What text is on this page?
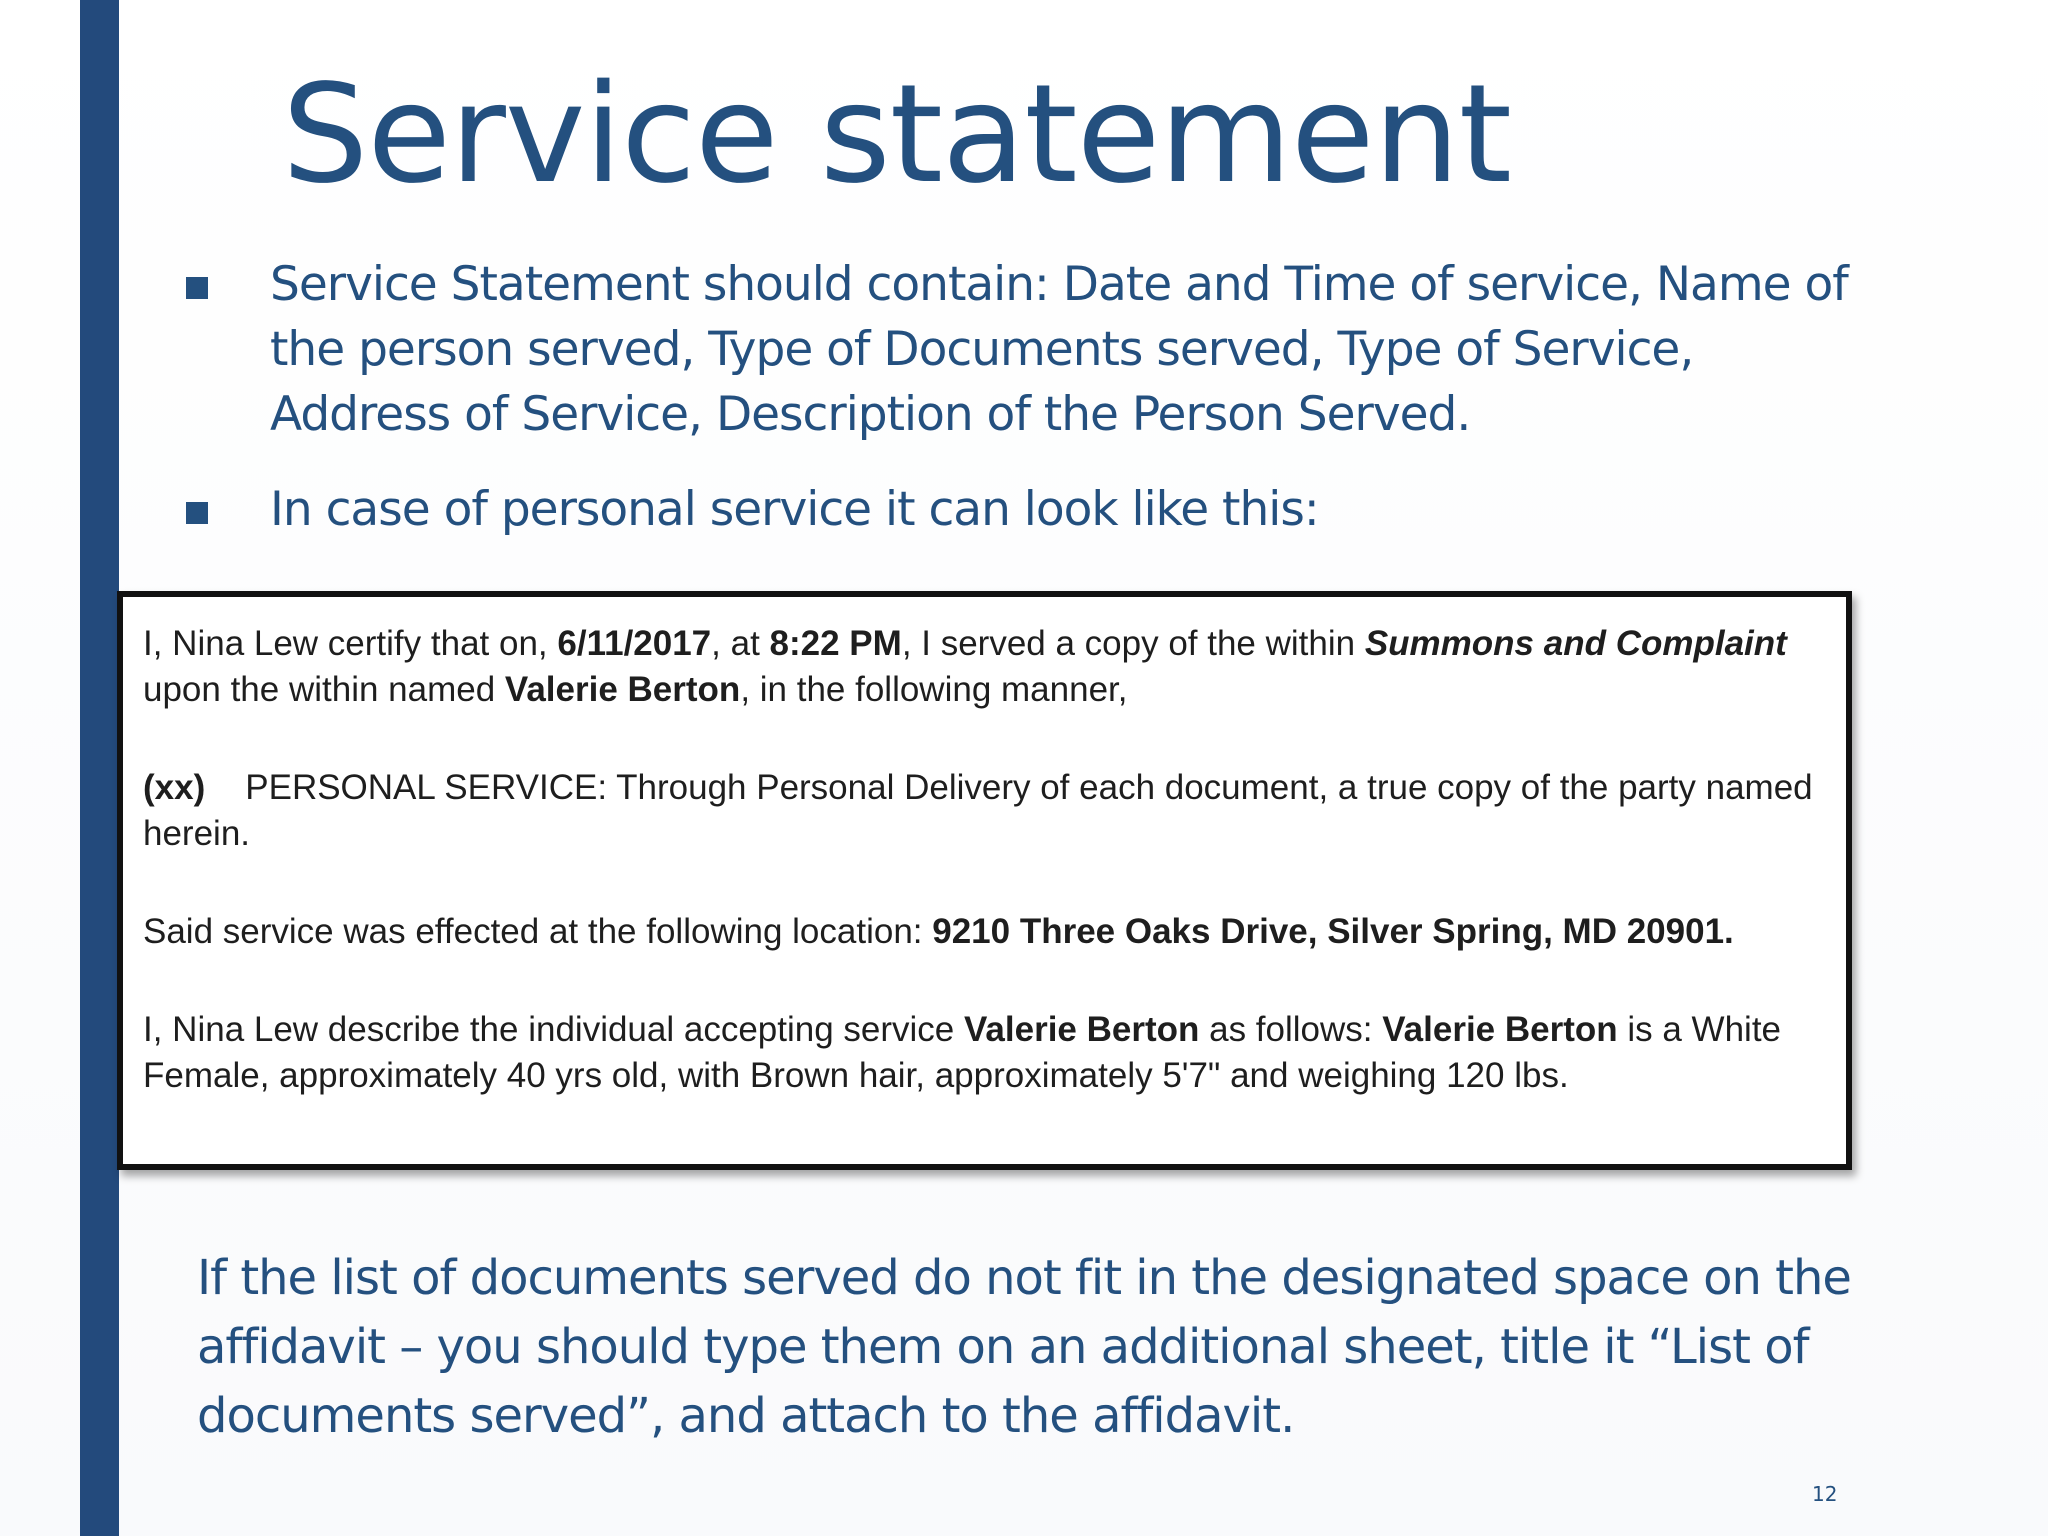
Service statement
Service Statement should contain: Date and Time of service, Name of the person served, Type of Documents served, Type of Service, Address of Service, Description of the Person Served.
In case of personal service it can look like this:

I, Nina Lew certify that on, 6/11/2017, at 8:22 PM, I served a copy of the within Summons and Complaint upon the within named Valerie Berton, in the following manner,

(xx) PERSONAL SERVICE: Through Personal Delivery of each document, a true copy of the party named herein.

Said service was effected at the following location: 9210 Three Oaks Drive, Silver Spring, MD 20901.

I, Nina Lew describe the individual accepting service Valerie Berton as follows: Valerie Berton is a White Female, approximately 40 yrs old, with Brown hair, approximately 5'7" and weighing 120 lbs.

If the list of documents served do not fit in the designated space on the affidavit – you should type them on an additional sheet, title it “List of documents served”, and attach to the affidavit.

12
